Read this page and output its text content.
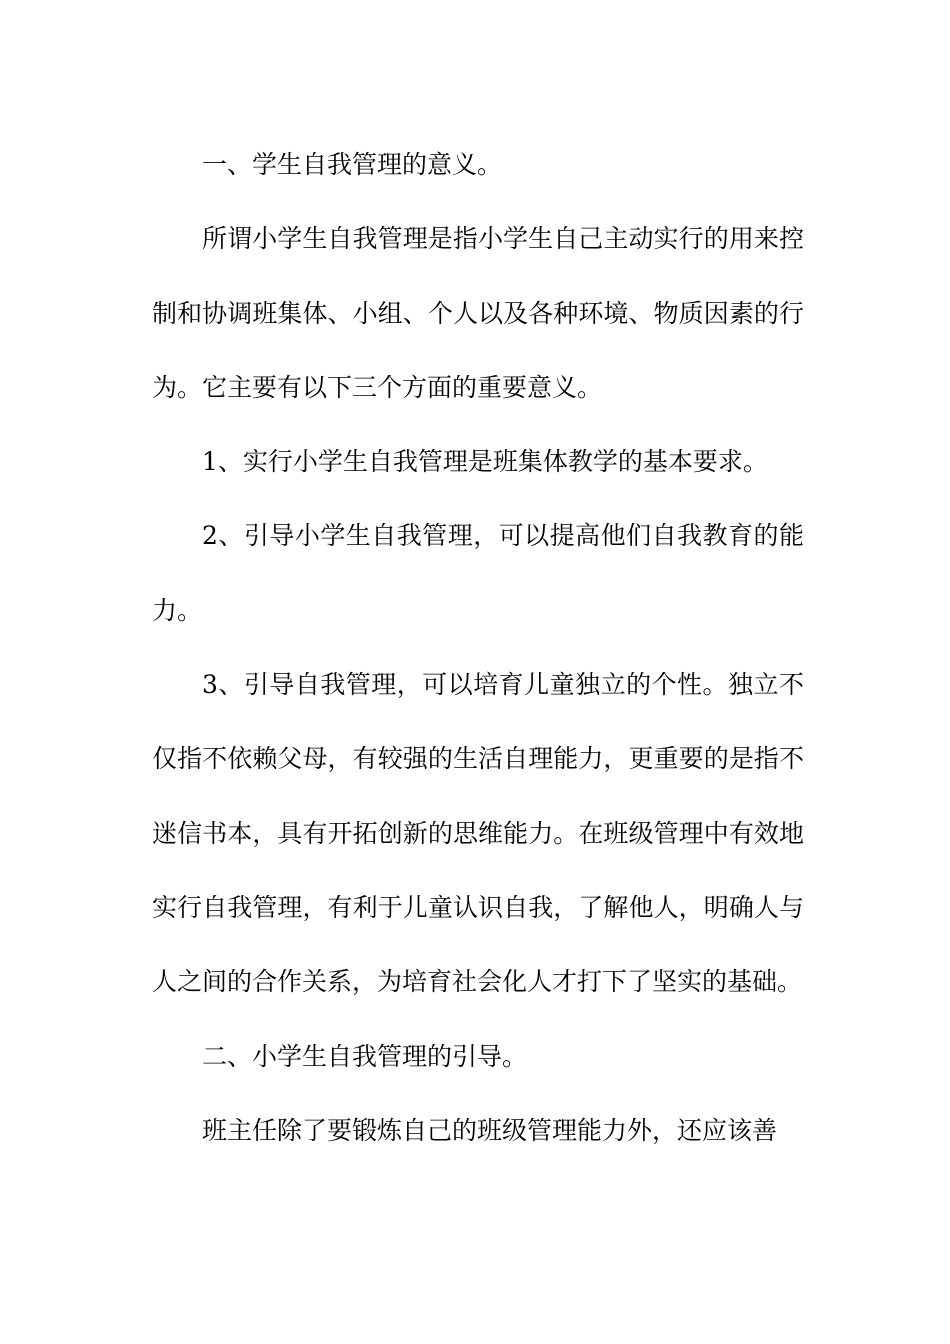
一、学生自我管理的意义。

所谓小学生自我管理是指小学生自己主动实行的用来控制和协调班集体、小组、个人以及各种环境、物质因素的行为。它主要有以下三个方面的重要意义。

1、实行小学生自我管理是班集体教学的基本要求。

2、引导小学生自我管理，可以提高他们自我教育的能力。

3、引导自我管理，可以培育儿童独立的个性。独立不仅指不依赖父母，有较强的生活自理能力，更重要的是指不迷信书本，具有开拓创新的思维能力。在班级管理中有效地实行自我管理，有利于儿童认识自我，了解他人，明确人与人之间的合作关系，为培育社会化人才打下了坚实的基础。

二、小学生自我管理的引导。

班主任除了要锻炼自己的班级管理能力外，还应该善
